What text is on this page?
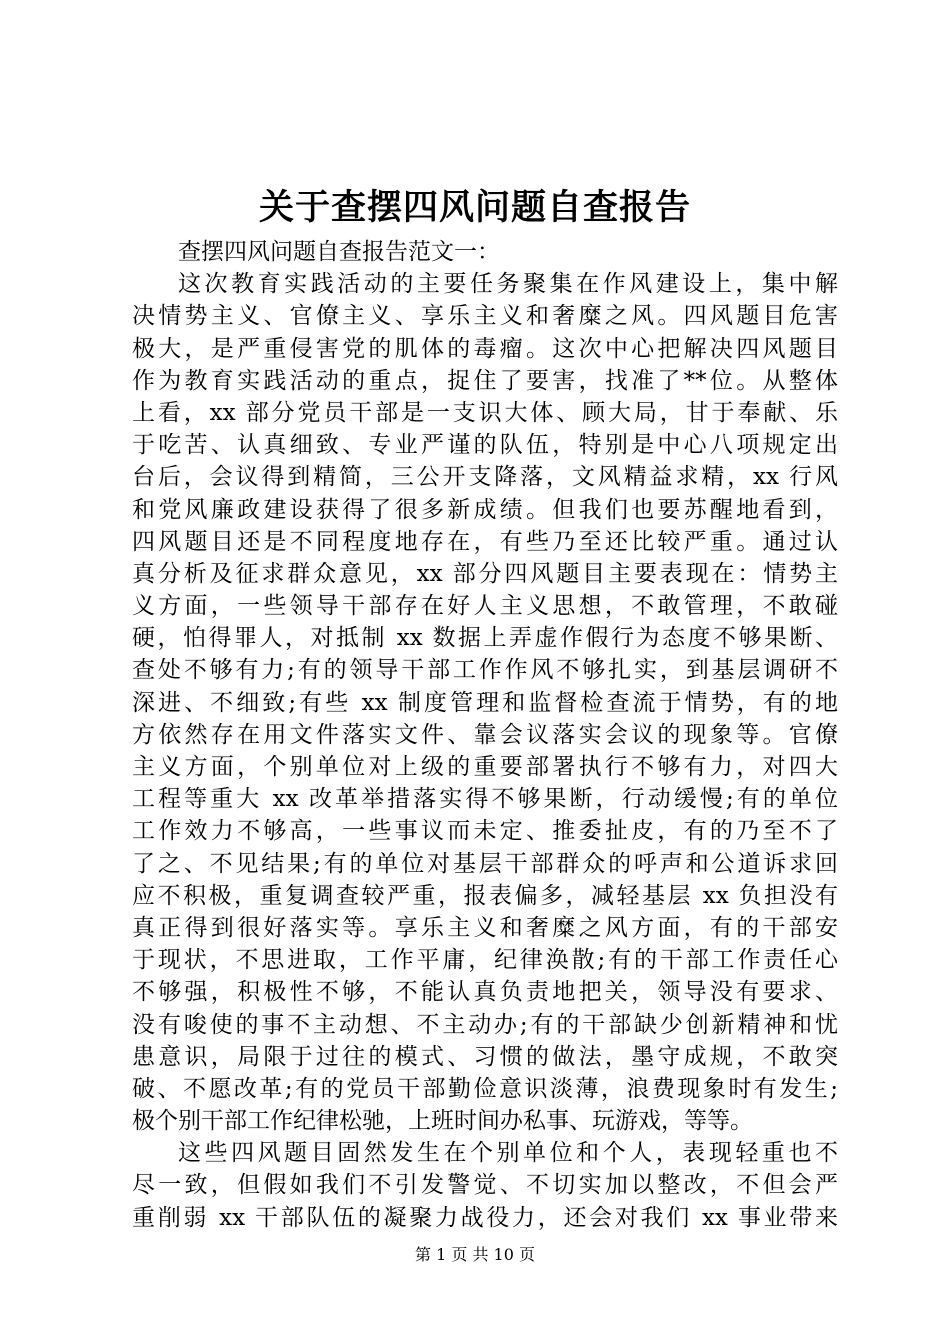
关于查摆四风问题自查报告
查摆四风问题自查报告范文一：
这次教育实践活动的主要任务聚集在作风建设上，集中解
决情势主义、官僚主义、享乐主义和奢糜之风。四风题目危害
极大，是严重侵害党的肌体的毒瘤。这次中心把解决四风题目
作为教育实践活动的重点，捉住了要害，找准了**位。从整体
上看，xx 部分党员干部是一支识大体、顾大局，甘于奉献、乐
于吃苦、认真细致、专业严谨的队伍，特别是中心八项规定出
台后，会议得到精简，三公开支降落，文风精益求精，xx 行风
和党风廉政建设获得了很多新成绩。但我们也要苏醒地看到，
四风题目还是不同程度地存在，有些乃至还比较严重。通过认
真分析及征求群众意见，xx 部分四风题目主要表现在：情势主
义方面，一些领导干部存在好人主义思想，不敢管理，不敢碰
硬，怕得罪人，对抵制 xx 数据上弄虚作假行为态度不够果断、
查处不够有力;有的领导干部工作作风不够扎实，到基层调研不
深进、不细致;有些 xx 制度管理和监督检查流于情势，有的地
方依然存在用文件落实文件、靠会议落实会议的现象等。官僚
主义方面，个别单位对上级的重要部署执行不够有力，对四大
工程等重大 xx 改革举措落实得不够果断，行动缓慢;有的单位
工作效力不够高，一些事议而未定、推委扯皮，有的乃至不了
了之、不见结果;有的单位对基层干部群众的呼声和公道诉求回
应不积极，重复调查较严重，报表偏多，减轻基层 xx 负担没有
真正得到很好落实等。享乐主义和奢糜之风方面，有的干部安
于现状，不思进取，工作平庸，纪律涣散;有的干部工作责任心
不够强，积极性不够，不能认真负责地把关，领导没有要求、
没有唆使的事不主动想、不主动办;有的干部缺少创新精神和忧
患意识，局限于过往的模式、习惯的做法，墨守成规，不敢突
破、不愿改革;有的党员干部勤俭意识淡薄，浪费现象时有发生;
极个别干部工作纪律松驰，上班时间办私事、玩游戏，等等。
这些四风题目固然发生在个别单位和个人，表现轻重也不
尽一致，但假如我们不引发警觉、不切实加以整改，不但会严
重削弱 xx 干部队伍的凝聚力战役力，还会对我们 xx 事业带来
第 1 页 共 10 页
